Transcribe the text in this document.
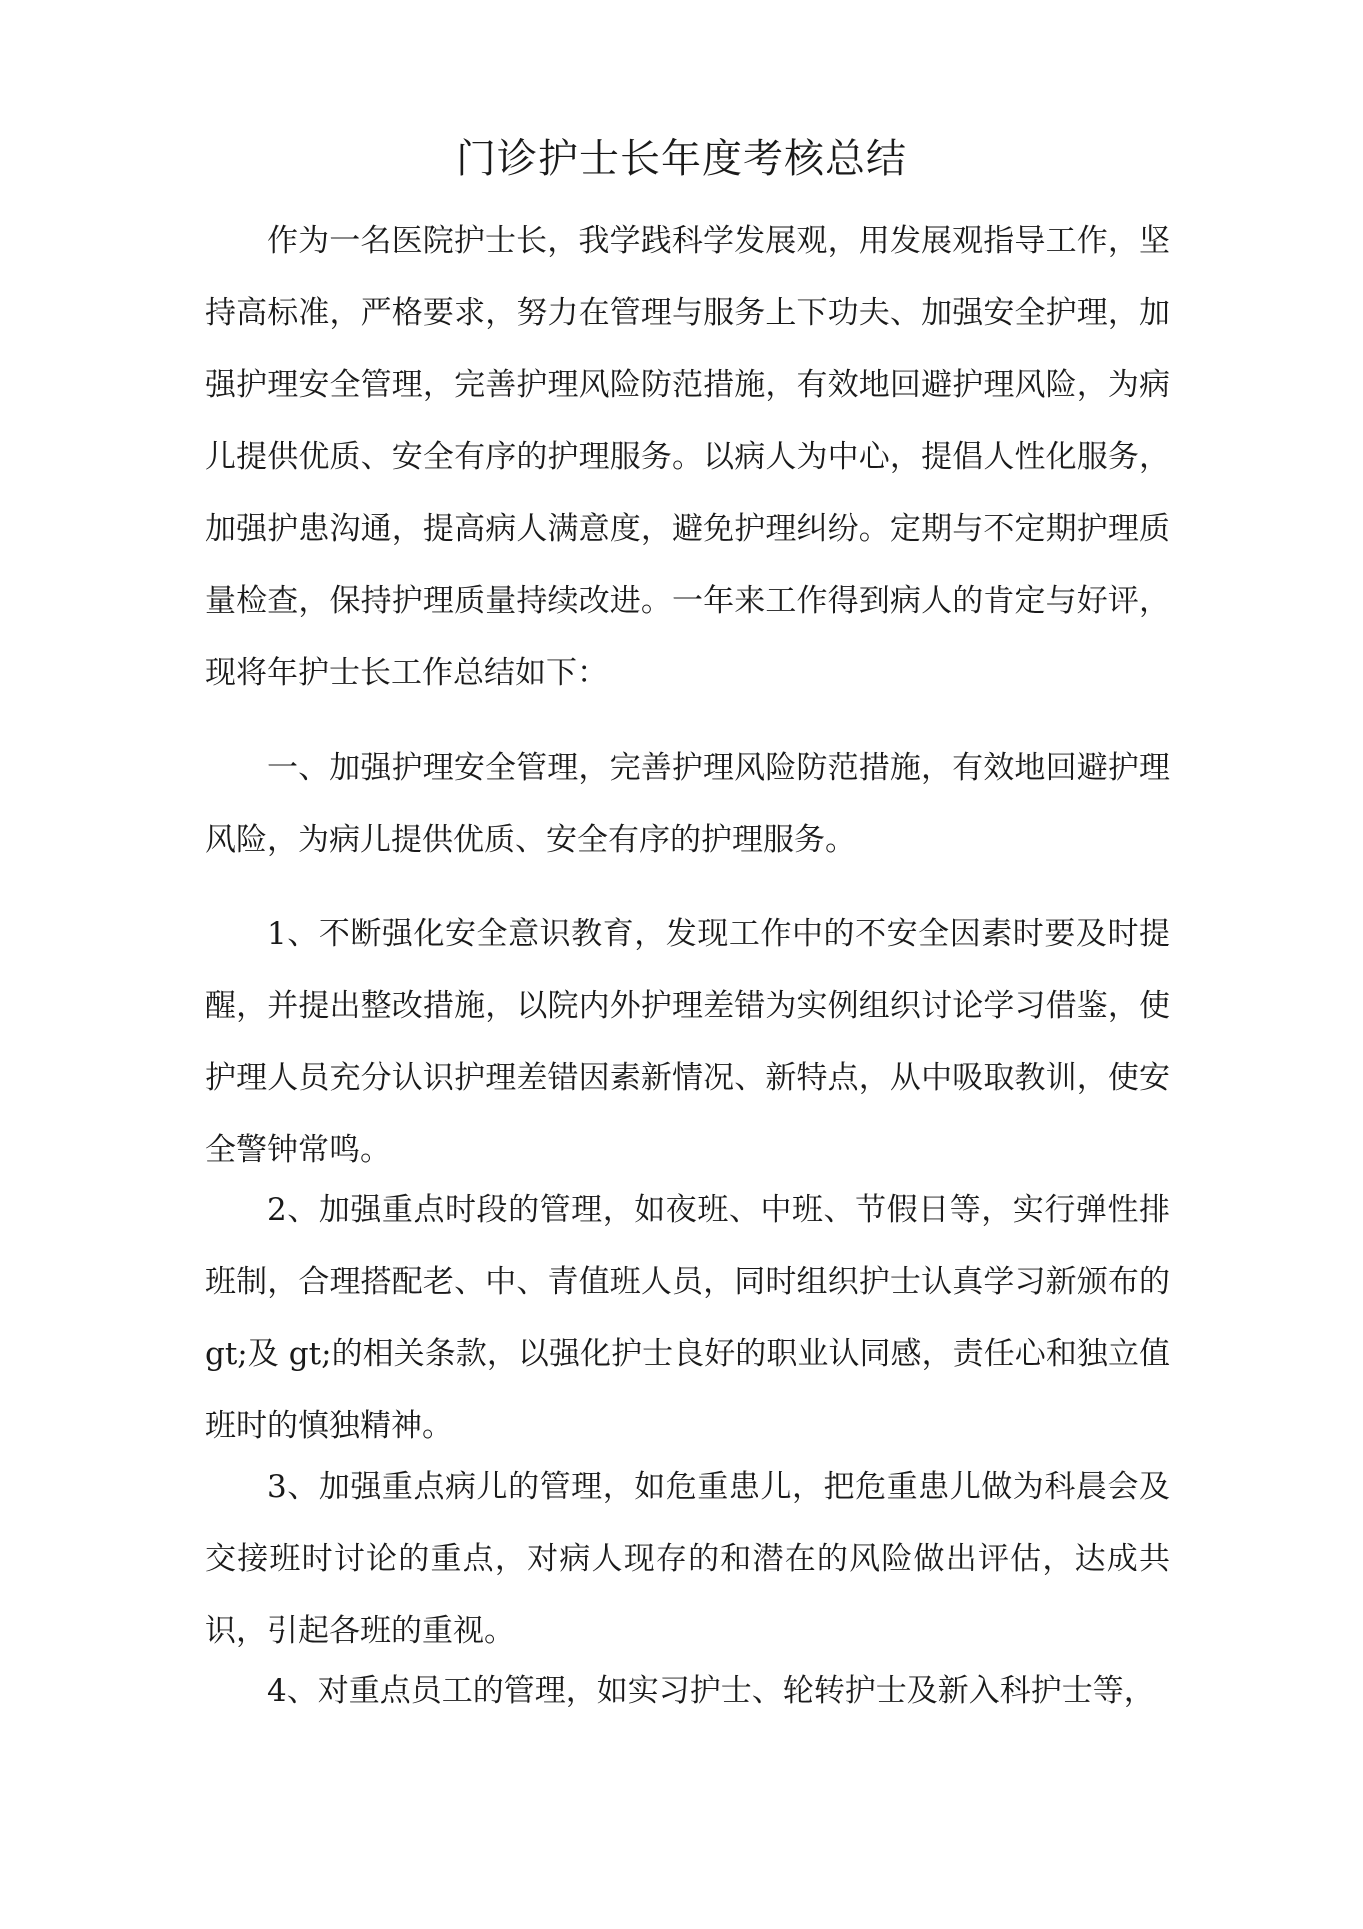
门诊护士长年度考核总结

作为一名医院护士长，我学践科学发展观，用发展观指导工作，坚持高标准，严格要求，努力在管理与服务上下功夫、加强安全护理，加强护理安全管理，完善护理风险防范措施，有效地回避护理风险，为病儿提供优质、安全有序的护理服务。以病人为中心，提倡人性化服务，加强护患沟通，提高病人满意度，避免护理纠纷。定期与不定期护理质量检查，保持护理质量持续改进。一年来工作得到病人的肯定与好评，现将年护士长工作总结如下：

一、加强护理安全管理，完善护理风险防范措施，有效地回避护理风险，为病儿提供优质、安全有序的护理服务。

1、不断强化安全意识教育，发现工作中的不安全因素时要及时提醒，并提出整改措施，以院内外护理差错为实例组织讨论学习借鉴，使护理人员充分认识护理差错因素新情况、新特点，从中吸取教训，使安全警钟常鸣。

2、加强重点时段的管理，如夜班、中班、节假日等，实行弹性排班制，合理搭配老、中、青值班人员，同时组织护士认真学习新颁布的 gt;及 gt;的相关条款，以强化护士良好的职业认同感，责任心和独立值班时的慎独精神。

3、加强重点病儿的管理，如危重患儿，把危重患儿做为科晨会及交接班时讨论的重点，对病人现存的和潜在的风险做出评估，达成共识，引起各班的重视。

4、对重点员工的管理，如实习护士、轮转护士及新入科护士等，
